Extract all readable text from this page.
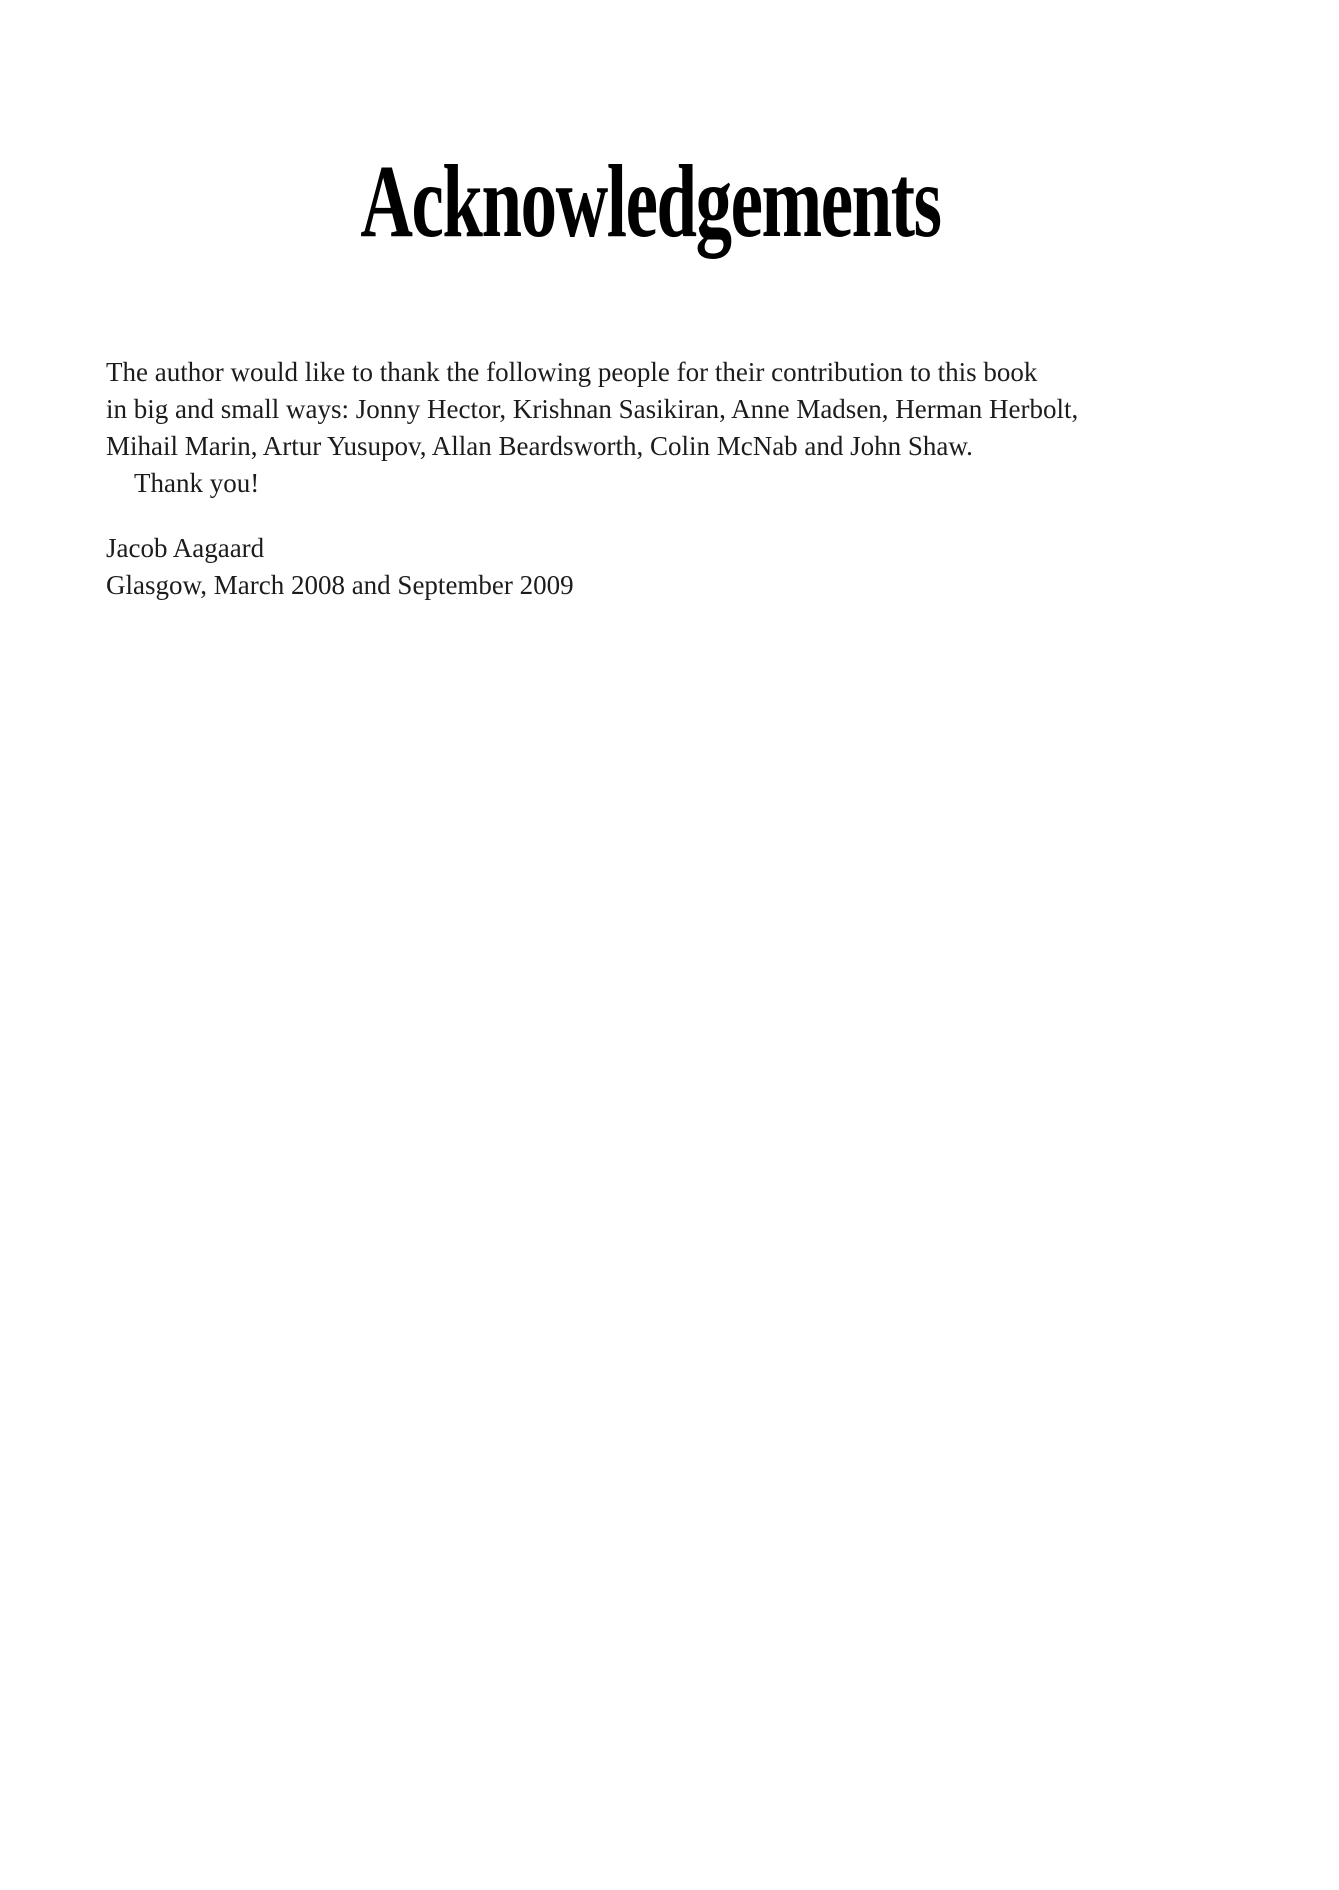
Acknowledgements
The author would like to thank the following people for their contribution to this book
in big and small ways: Jonny Hector, Krishnan Sasikiran, Anne Madsen, Herman Herbolt,
Mihail Marin, Artur Yusupov, Allan Beardsworth, Colin McNab and John Shaw.
Thank you!
Jacob Aagaard
Glasgow, March 2008 and September 2009
